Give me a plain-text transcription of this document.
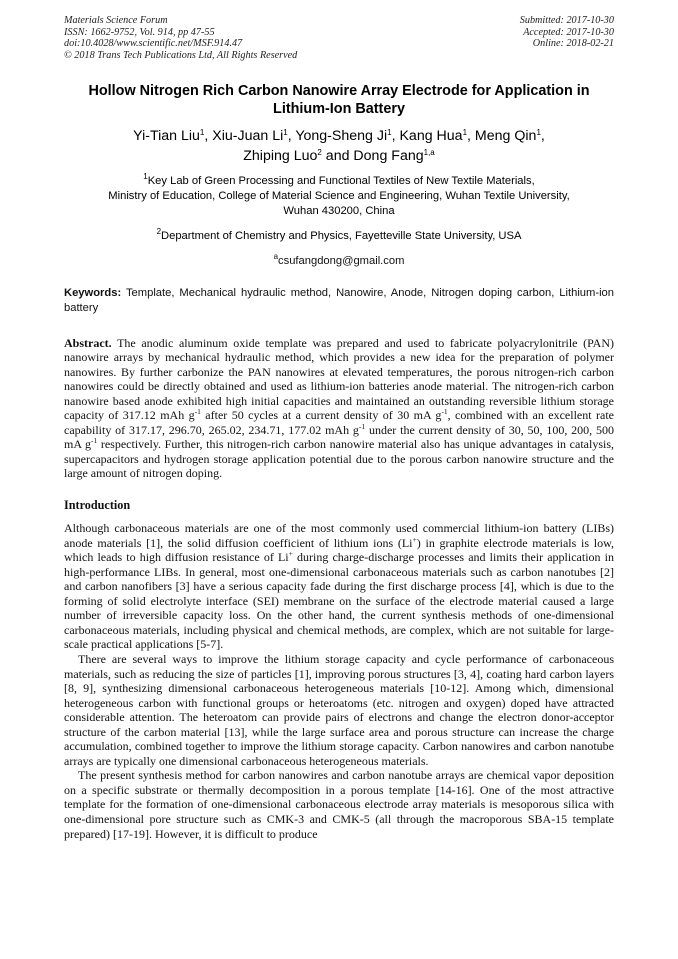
Materials Science Forum
ISSN: 1662-9752, Vol. 914, pp 47-55
doi:10.4028/www.scientific.net/MSF.914.47
© 2018 Trans Tech Publications Ltd, All Rights Reserved
Submitted: 2017-10-30
Accepted: 2017-10-30
Online: 2018-02-21
Hollow Nitrogen Rich Carbon Nanowire Array Electrode for Application in Lithium-Ion Battery
Yi-Tian Liu$^1$, Xiu-Juan Li$^1$, Yong-Sheng Ji$^1$, Kang Hua$^1$, Meng Qin$^1$,
Zhiping Luo$^2$ and Dong Fang$^{1,a}$
$^1$Key Lab of Green Processing and Functional Textiles of New Textile Materials,
Ministry of Education, College of Material Science and Engineering, Wuhan Textile University,
Wuhan 430200, China
$^2$Department of Chemistry and Physics, Fayetteville State University, USA
$^a$csufangdong@gmail.com
Keywords: Template, Mechanical hydraulic method, Nanowire, Anode, Nitrogen doping carbon, Lithium-ion battery
Abstract. The anodic aluminum oxide template was prepared and used to fabricate polyacrylonitrile (PAN) nanowire arrays by mechanical hydraulic method, which provides a new idea for the preparation of polymer nanowires. By further carbonize the PAN nanowires at elevated temperatures, the porous nitrogen-rich carbon nanowires could be directly obtained and used as lithium-ion batteries anode material. The nitrogen-rich carbon nanowire based anode exhibited high initial capacities and maintained an outstanding reversible lithium storage capacity of 317.12 mAh $g^{-1}$ after 50 cycles at a current density of 30 mA $g^{-1}$, combined with an excellent rate capability of 317.17, 296.70, 265.02, 234.71, 177.02 mAh $g^{-1}$ under the current density of 30, 50, 100, 200, 500 mA $g^{-1}$ respectively. Further, this nitrogen-rich carbon nanowire material also has unique advantages in catalysis, supercapacitors and hydrogen storage application potential due to the porous carbon nanowire structure and the large amount of nitrogen doping.
Introduction
Although carbonaceous materials are one of the most commonly used commercial lithium-ion battery (LIBs) anode materials [1], the solid diffusion coefficient of lithium ions (Li+) in graphite electrode materials is low, which leads to high diffusion resistance of Li+ during charge-discharge processes and limits their application in high-performance LIBs. In general, most one-dimensional carbonaceous materials such as carbon nanotubes [2] and carbon nanofibers [3] have a serious capacity fade during the first discharge process [4], which is due to the forming of solid electrolyte interface (SEI) membrane on the surface of the electrode material caused a large number of irreversible capacity loss. On the other hand, the current synthesis methods of one-dimensional carbonaceous materials, including physical and chemical methods, are complex, which are not suitable for large-scale practical applications [5-7].
There are several ways to improve the lithium storage capacity and cycle performance of carbonaceous materials, such as reducing the size of particles [1], improving porous structures [3, 4], coating hard carbon layers [8, 9], synthesizing dimensional carbonaceous heterogeneous materials [10-12]. Among which, dimensional heterogeneous carbon with functional groups or heteroatoms (etc. nitrogen and oxygen) doped have attracted considerable attention. The heteroatom can provide pairs of electrons and change the electron donor-acceptor structure of the carbon material [13], while the large surface area and porous structure can increase the charge accumulation, combined together to improve the lithium storage capacity. Carbon nanowires and carbon nanotube arrays are typically one dimensional carbonaceous heterogeneous materials.
The present synthesis method for carbon nanowires and carbon nanotube arrays are chemical vapor deposition on a specific substrate or thermally decomposition in a porous template [14-16]. One of the most attractive template for the formation of one-dimensional carbonaceous electrode array materials is mesoporous silica with one-dimensional pore structure such as CMK-3 and CMK-5 (all through the macroporous SBA-15 template prepared) [17-19]. However, it is difficult to produce
